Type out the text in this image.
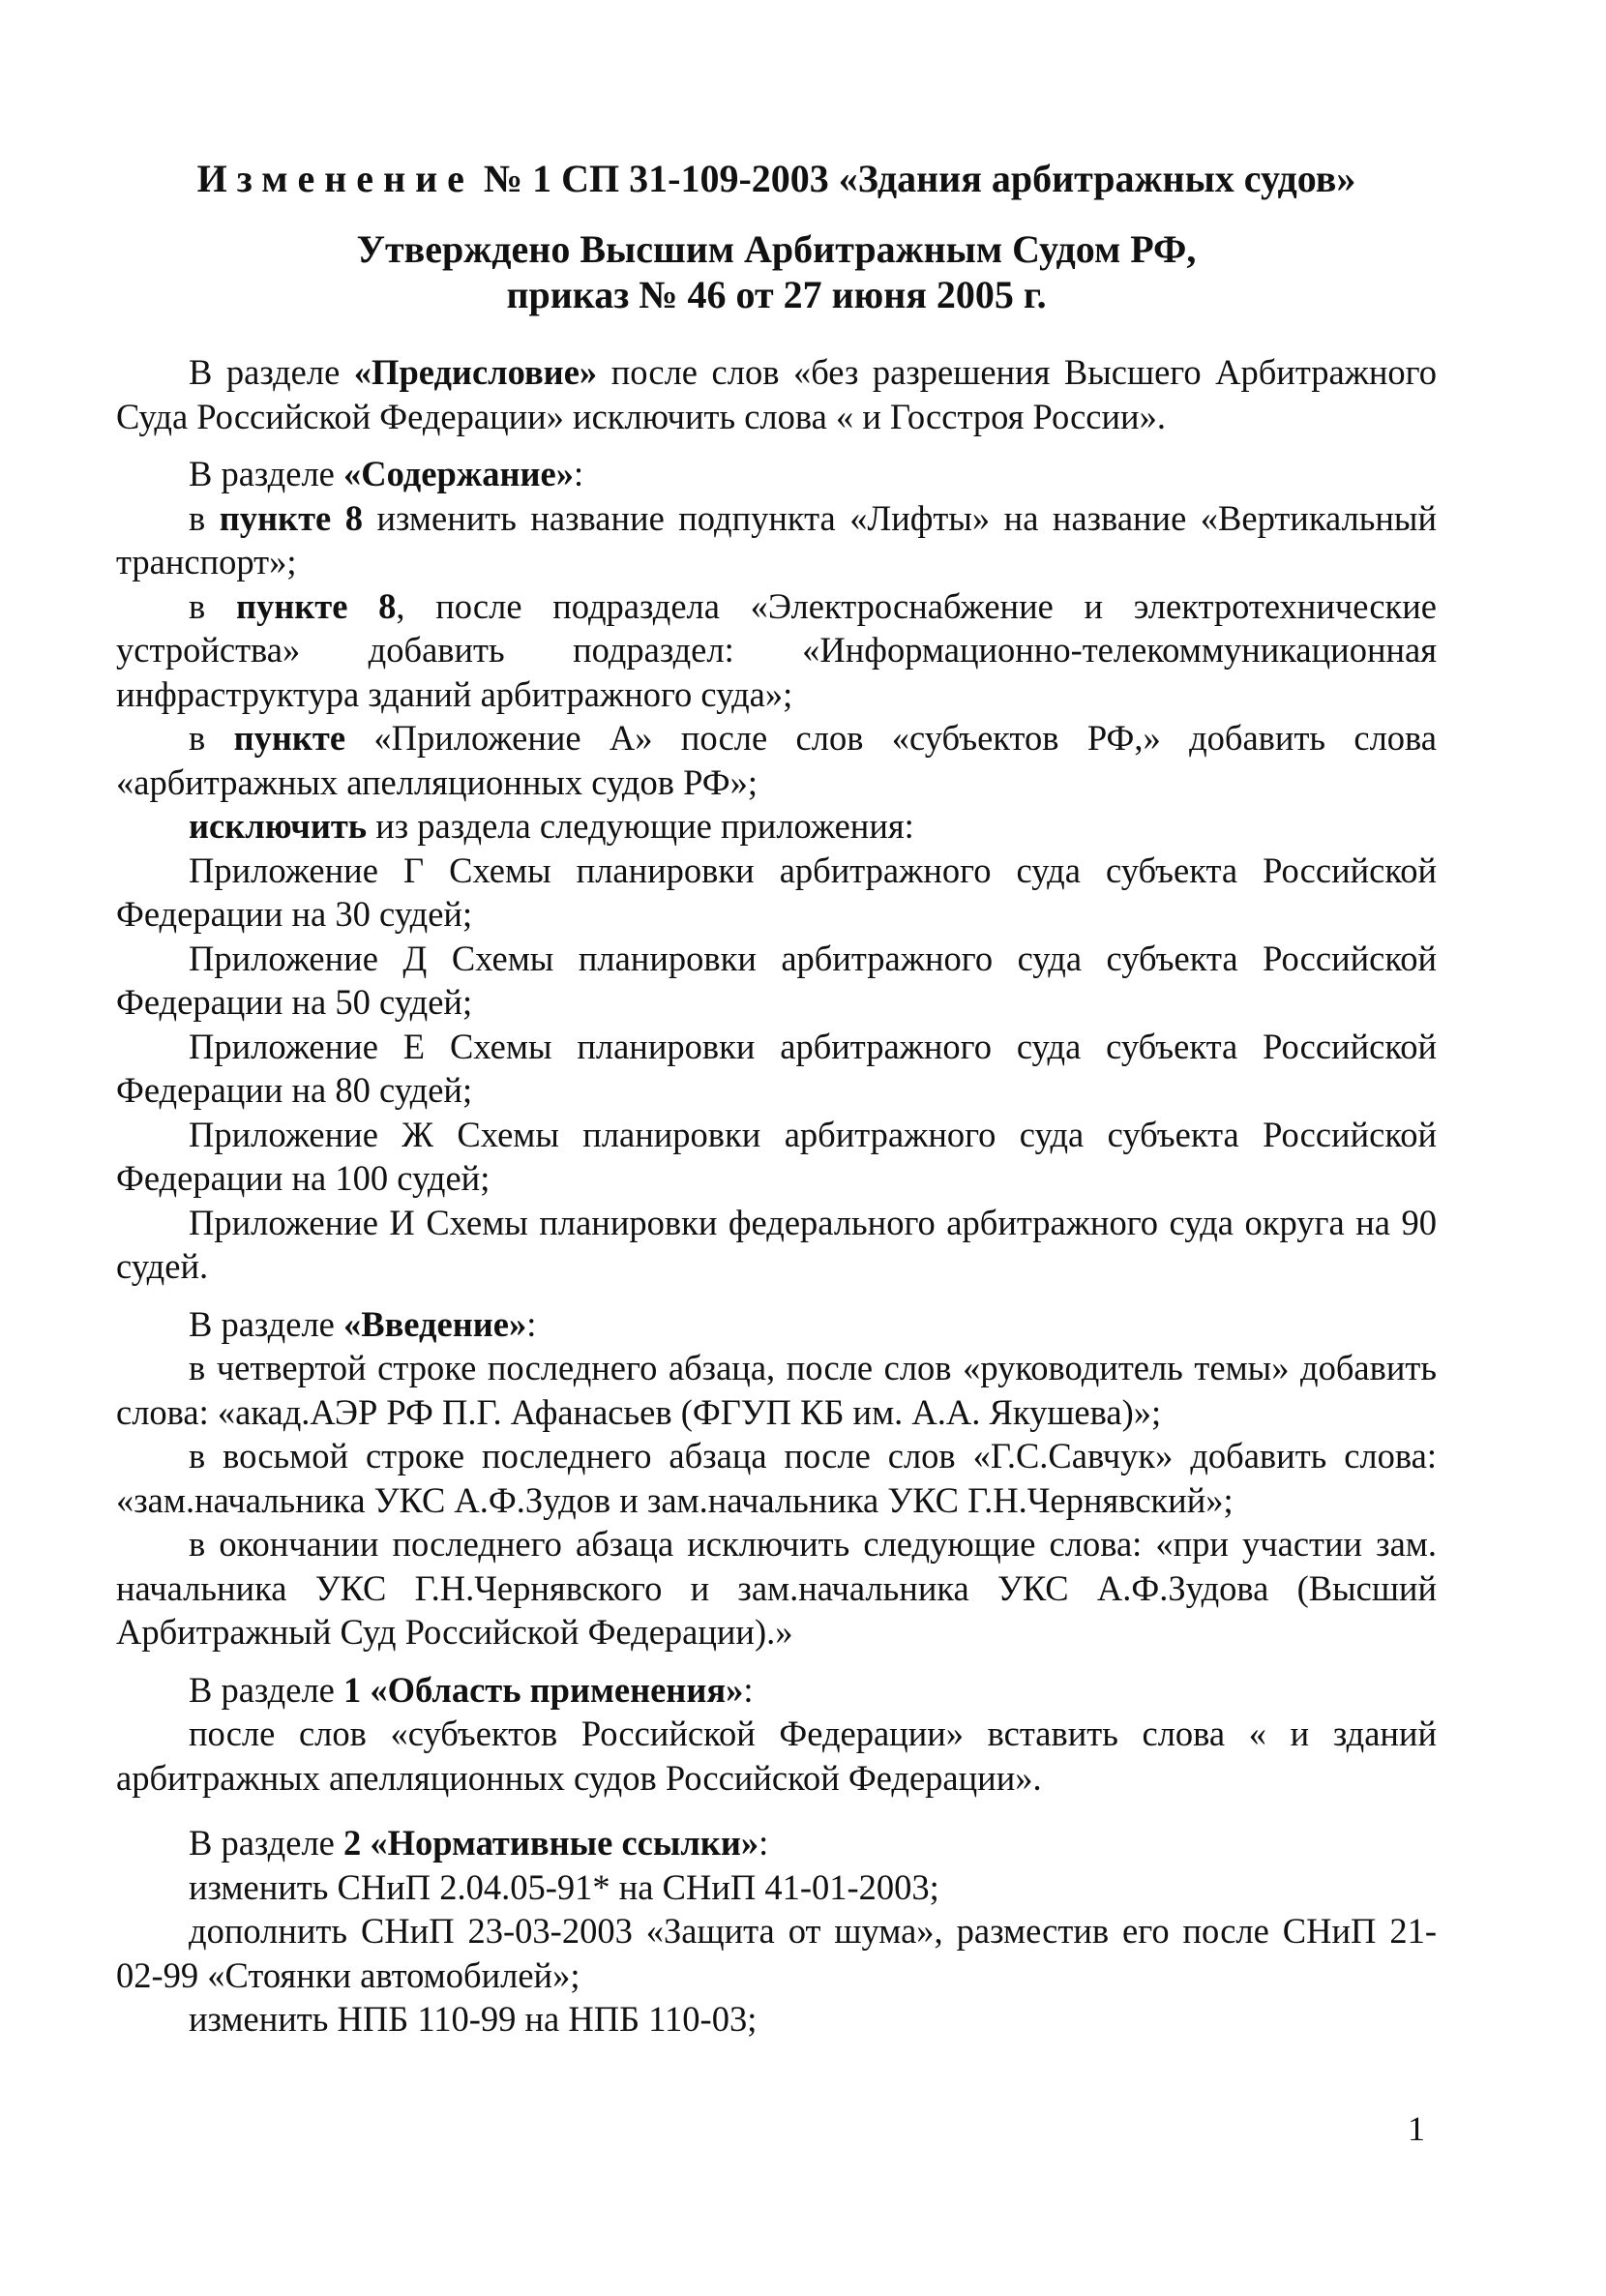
Изменение № 1 СП 31-109-2003 «Здания арбитражных судов»
Утверждено Высшим Арбитражным Судом РФ,
приказ № 46 от 27 июня 2005 г.

В разделе «Предисловие» после слов «без разрешения Высшего Арбитражного Суда Российской Федерации» исключить слова « и Госстроя России».

В разделе «Содержание»:

в пункте 8 изменить название подпункта «Лифты» на название «Вертикальный транспорт»;

в пункте 8, после подраздела «Электроснабжение и электротехнические устройства» добавить подраздел: «Информационно-телекоммуникационная инфраструктура зданий арбитражного суда»;

в пункте «Приложение А» после слов «субъектов РФ,» добавить слова «арбитражных апелляционных судов РФ»;

исключить из раздела следующие приложения:

Приложение Г Схемы планировки арбитражного суда субъекта Российской Федерации на 30 судей;

Приложение Д Схемы планировки арбитражного суда субъекта Российской Федерации на 50 судей;

Приложение Е Схемы планировки арбитражного суда субъекта Российской Федерации на 80 судей;

Приложение Ж Схемы планировки арбитражного суда субъекта Российской Федерации на 100 судей;

Приложение И Схемы планировки федерального арбитражного суда округа на 90 судей.

В разделе «Введение»:

в четвертой строке последнего абзаца, после слов «руководитель темы» добавить слова: «акад.АЭР РФ П.Г. Афанасьев (ФГУП КБ им. А.А. Якушева)»;

в восьмой строке последнего абзаца после слов «Г.С.Савчук» добавить слова: «зам.начальника УКС А.Ф.Зудов и зам.начальника УКС Г.Н.Чернявский»;

в окончании последнего абзаца исключить следующие слова: «при участии зам. начальника УКС Г.Н.Чернявского и зам.начальника УКС А.Ф.Зудова (Высший Арбитражный Суд Российской Федерации).»

В разделе 1 «Область применения»:

после слов «субъектов Российской Федерации» вставить слова « и зданий арбитражных апелляционных судов Российской Федерации».

В разделе 2 «Нормативные ссылки»:

изменить СНиП 2.04.05-91* на СНиП 41-01-2003;

дополнить СНиП 23-03-2003 «Защита от шума», разместив его после СНиП 21-02-99 «Стоянки автомобилей»;

изменить НПБ 110-99 на НПБ 110-03;

1
